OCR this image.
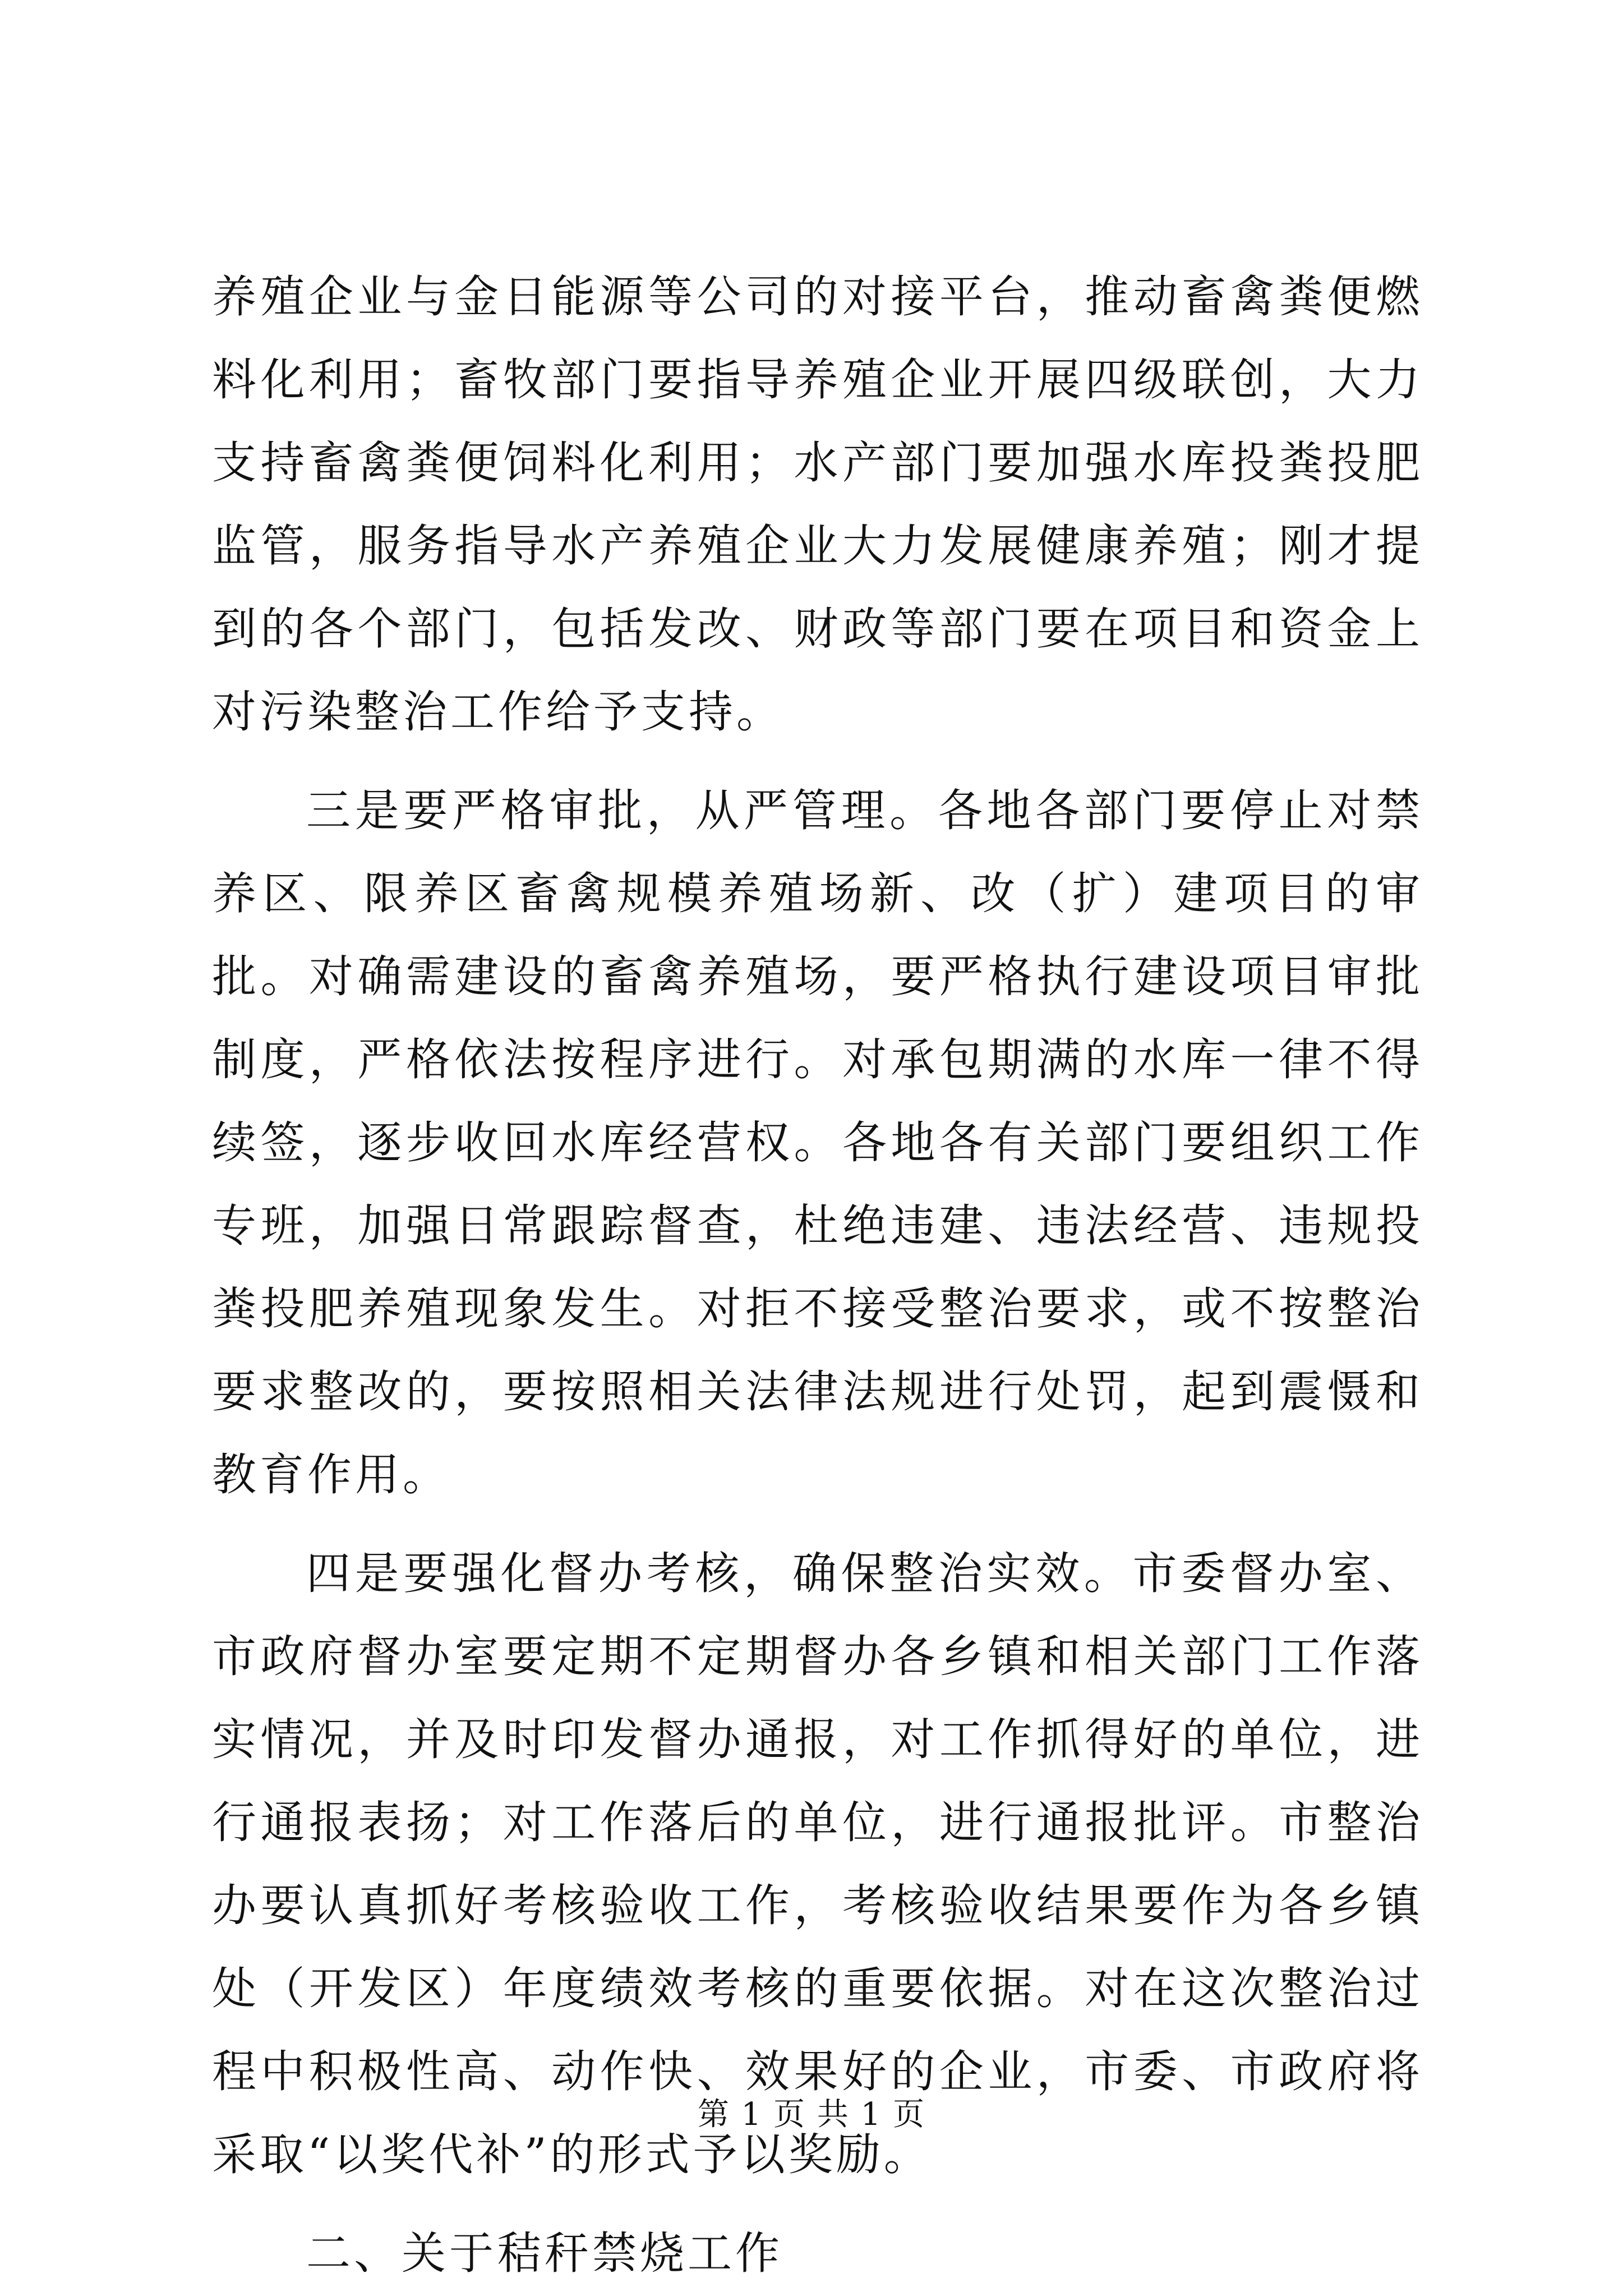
养殖企业与金日能源等公司的对接平台，推动畜禽粪便燃料化利用；畜牧部门要指导养殖企业开展四级联创，大力支持畜禽粪便饲料化利用；水产部门要加强水库投粪投肥监管，服务指导水产养殖企业大力发展健康养殖；刚才提到的各个部门，包括发改、财政等部门要在项目和资金上对污染整治工作给予支持。

三是要严格审批，从严管理。各地各部门要停止对禁养区、限养区畜禽规模养殖场新、改（扩）建项目的审批。对确需建设的畜禽养殖场，要严格执行建设项目审批制度，严格依法按程序进行。对承包期满的水库一律不得续签，逐步收回水库经营权。各地各有关部门要组织工作专班，加强日常跟踪督查，杜绝违建、违法经营、违规投粪投肥养殖现象发生。对拒不接受整治要求，或不按整治要求整改的，要按照相关法律法规进行处罚，起到震慑和教育作用。

四是要强化督办考核，确保整治实效。市委督办室、市政府督办室要定期不定期督办各乡镇和相关部门工作落实情况，并及时印发督办通报，对工作抓得好的单位，进行通报表扬；对工作落后的单位，进行通报批评。市整治办要认真抓好考核验收工作，考核验收结果要作为各乡镇处（开发区）年度绩效考核的重要依据。对在这次整治过程中积极性高、动作快、效果好的企业，市委、市政府将采取“以奖代补”的形式予以奖励。

二、关于秸秆禁烧工作

第 1 页 共 1 页
